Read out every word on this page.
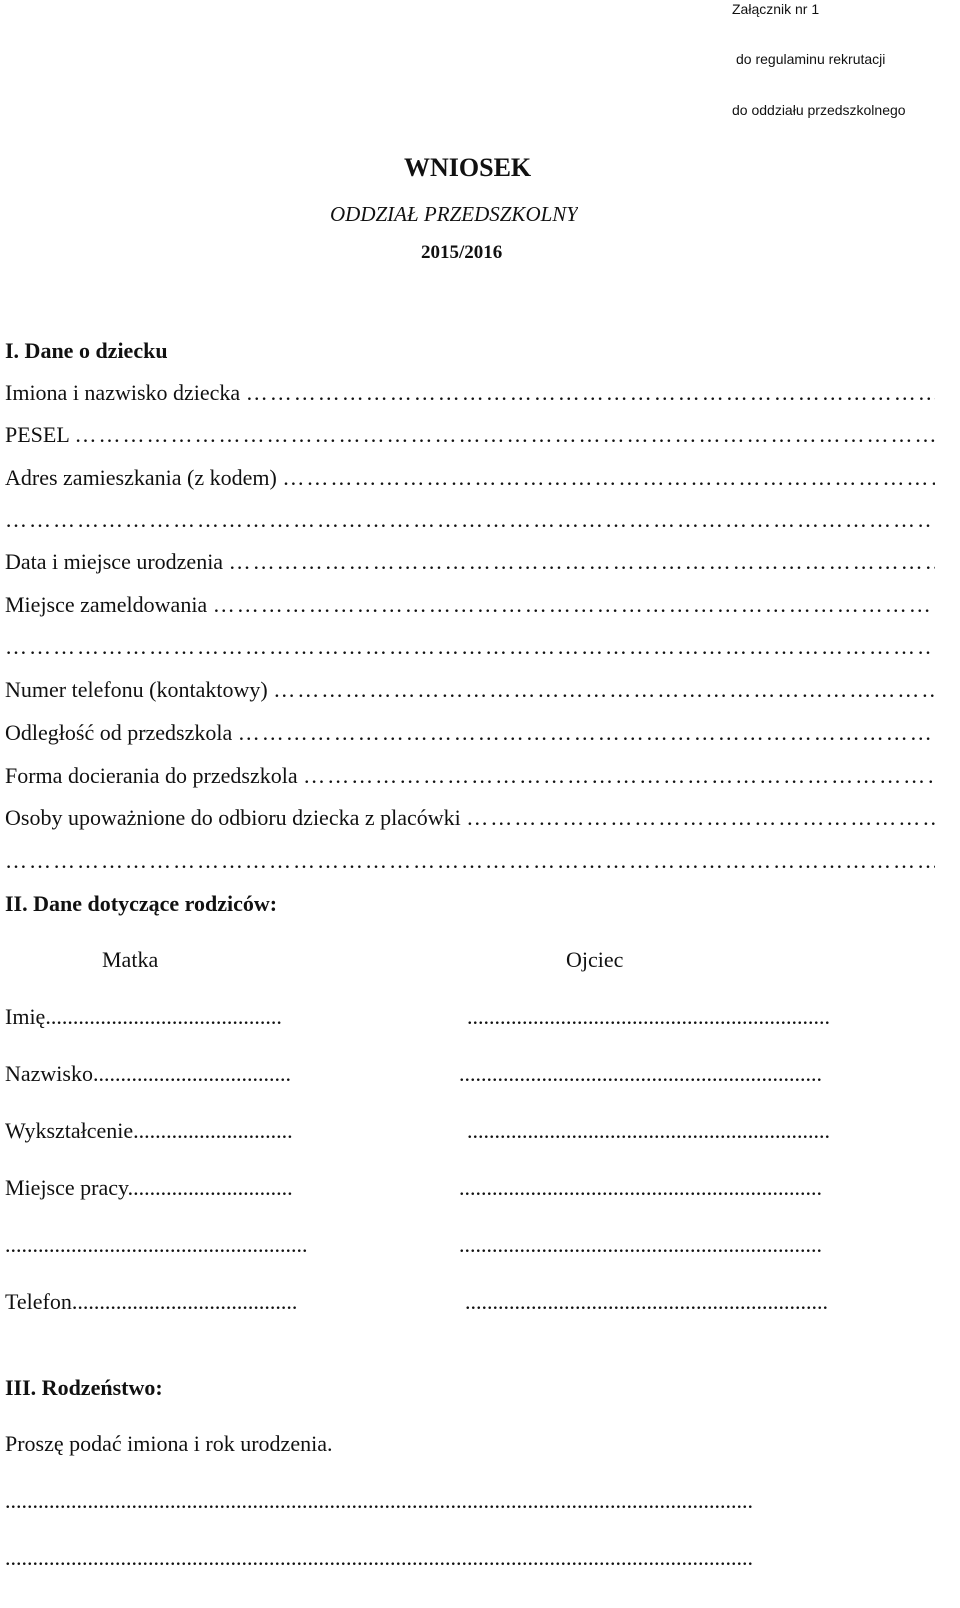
Załącznik nr 1
do regulaminu rekrutacji
do oddziału przedszkolnego
WNIOSEK
ODDZIAŁ PRZEDSZKOLNY
2015/2016
I. Dane o dziecku
Imiona i nazwisko dziecka …………………………………………………………………………………………………………………………………
PESEL …………………………………………………………………………………………………………………………………
Adres zamieszkania (z kodem) …………………………………………………………………………………………………………………………………
…………………………………………………………………………………………………………………………………
Data i miejsce urodzenia …………………………………………………………………………………………………………………………………
Miejsce zameldowania …………………………………………………………………………………………………………………………………
…………………………………………………………………………………………………………………………………
Numer telefonu (kontaktowy) …………………………………………………………………………………………………………………………………
Odległość od przedszkola …………………………………………………………………………………………………………………………………
Forma docierania do przedszkola …………………………………………………………………………………………………………………………………
Osoby upoważnione do odbioru dziecka z placówki …………………………………………………………………………………………………………………………………
…………………………………………………………………………………………………………………………………
II. Dane dotyczące rodziców:
Matka	Ojciec
Imię...........................................	..................................................................
Nazwisko....................................	..................................................................
Wykształcenie.............................	..................................................................
Miejsce pracy..............................	..................................................................
.......................................................	..................................................................
Telefon.........................................	..................................................................
III. Rodzeństwo:
Proszę podać imiona i rok urodzenia.
........................................................................................................................................
........................................................................................................................................
